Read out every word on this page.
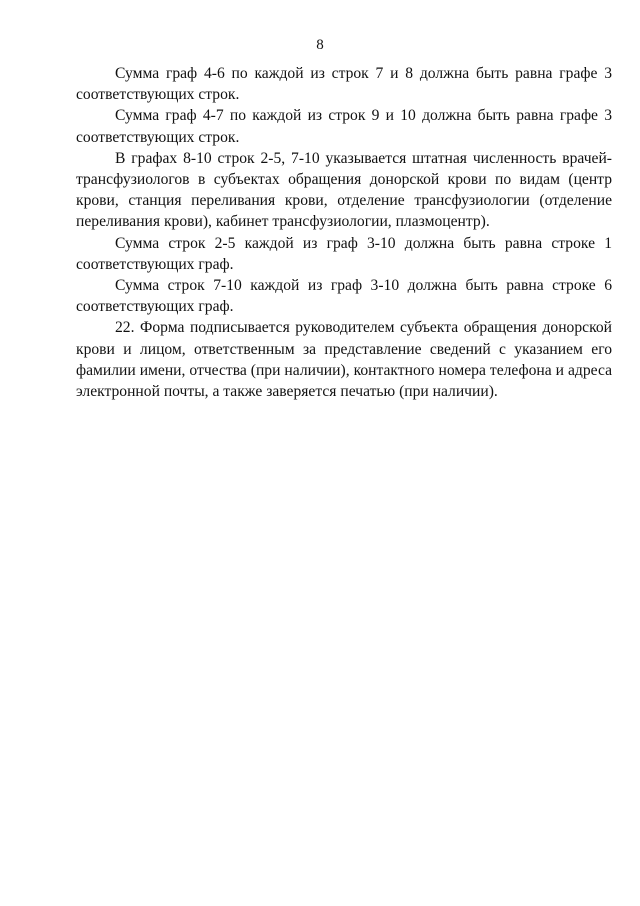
8

Сумма граф 4-6 по каждой из строк 7 и 8 должна быть равна графе 3 соответствующих строк.

Сумма граф 4-7 по каждой из строк 9 и 10 должна быть равна графе 3 соответствующих строк.

В графах 8-10 строк 2-5, 7-10 указывается штатная численность врачей-трансфузиологов в субъектах обращения донорской крови по видам (центр крови, станция переливания крови, отделение трансфузиологии (отделение переливания крови), кабинет трансфузиологии, плазмоцентр).

Сумма строк 2-5 каждой из граф 3-10 должна быть равна строке 1 соответствующих граф.

Сумма строк 7-10 каждой из граф 3-10 должна быть равна строке 6 соответствующих граф.

22. Форма подписывается руководителем субъекта обращения донорской крови и лицом, ответственным за представление сведений с указанием его фамилии имени, отчества (при наличии), контактного номера телефона и адреса электронной почты, а также заверяется печатью (при наличии).
